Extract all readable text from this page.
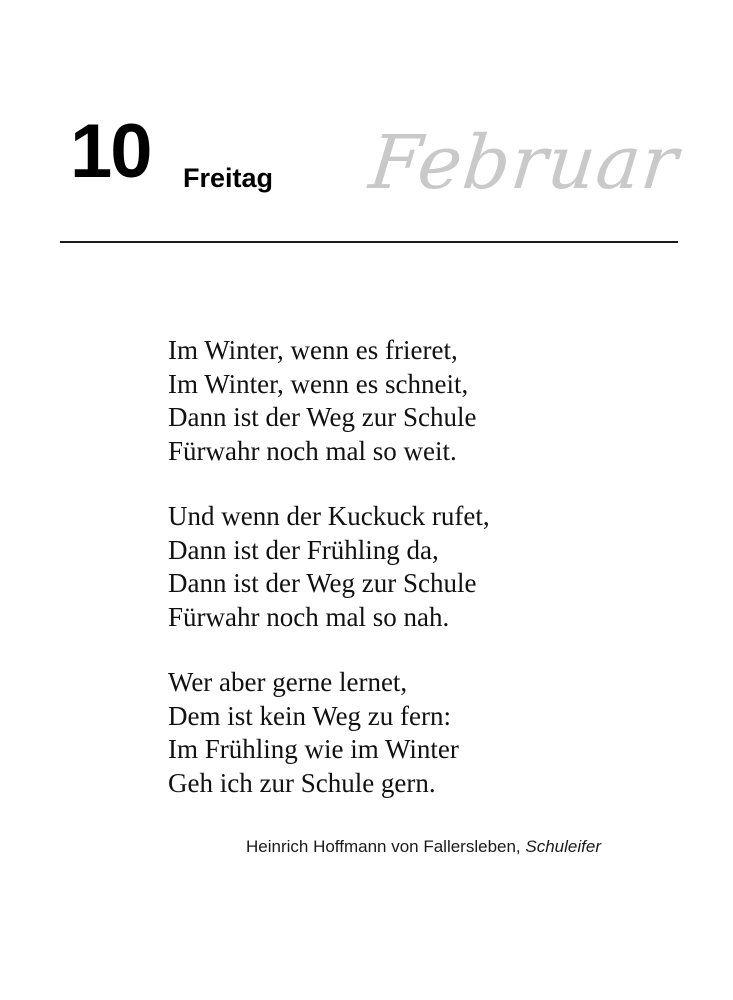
10 Freitag Februar
Im Winter, wenn es frieret,
Im Winter, wenn es schneit,
Dann ist der Weg zur Schule
Fürwahr noch mal so weit.
Und wenn der Kuckuck rufet,
Dann ist der Frühling da,
Dann ist der Weg zur Schule
Fürwahr noch mal so nah.
Wer aber gerne lernet,
Dem ist kein Weg zu fern:
Im Frühling wie im Winter
Geh ich zur Schule gern.
Heinrich Hoffmann von Fallersleben, Schuleifer
